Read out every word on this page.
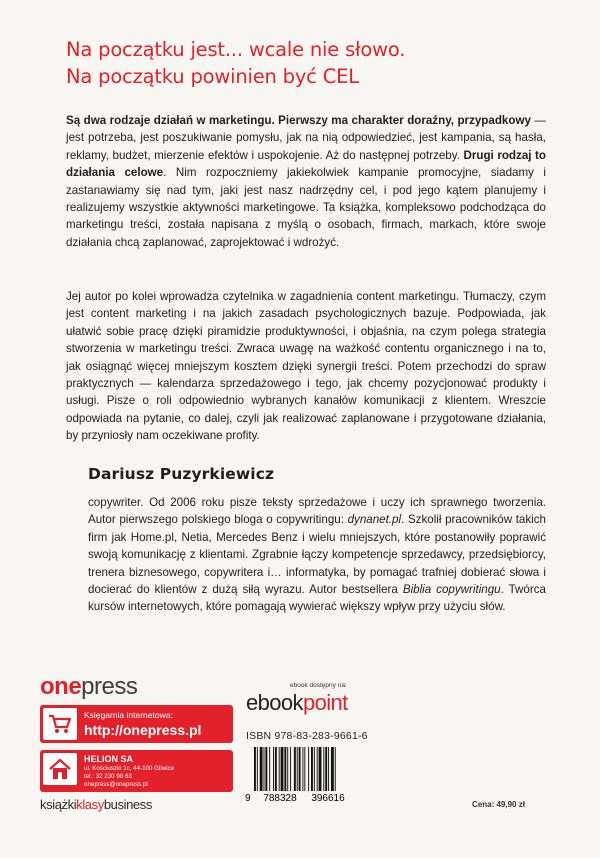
Na początku jest... wcale nie słowo.
Na początku powinien być CEL

Są dwa rodzaje działań w marketingu. Pierwszy ma charakter doraźny, przypadkowy — jest potrzeba, jest poszukiwanie pomysłu, jak na nią odpowiedzieć, jest kampania, są hasła, reklamy, budżet, mierzenie efektów i uspokojenie. Aż do następnej potrzeby. Drugi rodzaj to działania celowe. Nim rozpoczniemy jakiekolwiek kampanie promocyjne, siadamy i zastanawiamy się nad tym, jaki jest nasz nadrzędny cel, i pod jego kątem planujemy i realizujemy wszystkie aktywności marketingowe. Ta książka, kompleksowo podchodząca do marketingu treści, została napisana z myślą o osobach, firmach, markach, które swoje działania chcą zaplanować, zaprojektować i wdrożyć.

Jej autor po kolei wprowadza czytelnika w zagadnienia content marketingu. Tłumaczy, czym jest content marketing i na jakich zasadach psychologicznych bazuje. Podpowiada, jak ułatwić sobie pracę dzięki piramidzie produktywności, i objaśnia, na czym polega strategia stworzenia w marketingu treści. Zwraca uwagę na ważkość contentu organicznego i na to, jak osiągnąć więcej mniejszym kosztem dzięki synergii treści. Potem przechodzi do spraw praktycznych — kalendarza sprzedażowego i tego, jak chcemy pozycjonować produkty i usługi. Pisze o roli odpowiednio wybranych kanałów komunikacji z klientem. Wreszcie odpowiada na pytanie, co dalej, czyli jak realizować zaplanowane i przygotowane działania, by przyniosły nam oczekiwane profity.

Dariusz Puzyrkiewicz

copywriter. Od 2006 roku pisze teksty sprzedażowe i uczy ich sprawnego tworzenia. Autor pierwszego polskiego bloga o copywritingu: dynanet.pl. Szkolił pracowników takich firm jak Home.pl, Netia, Mercedes Benz i wielu mniejszych, które postanowiły poprawić swoją komunikację z klientami. Zgrabnie łączy kompetencje sprzedawcy, przedsiębiorcy, trenera biznesowego, copywritera i… informatyka, by pomagać trafniej dobierać słowa i docierać do klientów z dużą siłą wyrazu. Autor bestsellera Biblia copywritingu. Twórca kursów internetowych, które pomagają wywierać większy wpływ przy użyciu słów.

onepress
Księgarnia internetowa:
http://onepress.pl
HELION SA
ul. Kościuszki 1c, 44-100 Gliwice
tel.: 32 230 98 63
onepress@onepress.pl
książkiklasybusiness
ebook dostępny na:
ebookpoint
ISBN 978-83-283-9661-6
9 788328 396616
Cena: 49,90 zł
